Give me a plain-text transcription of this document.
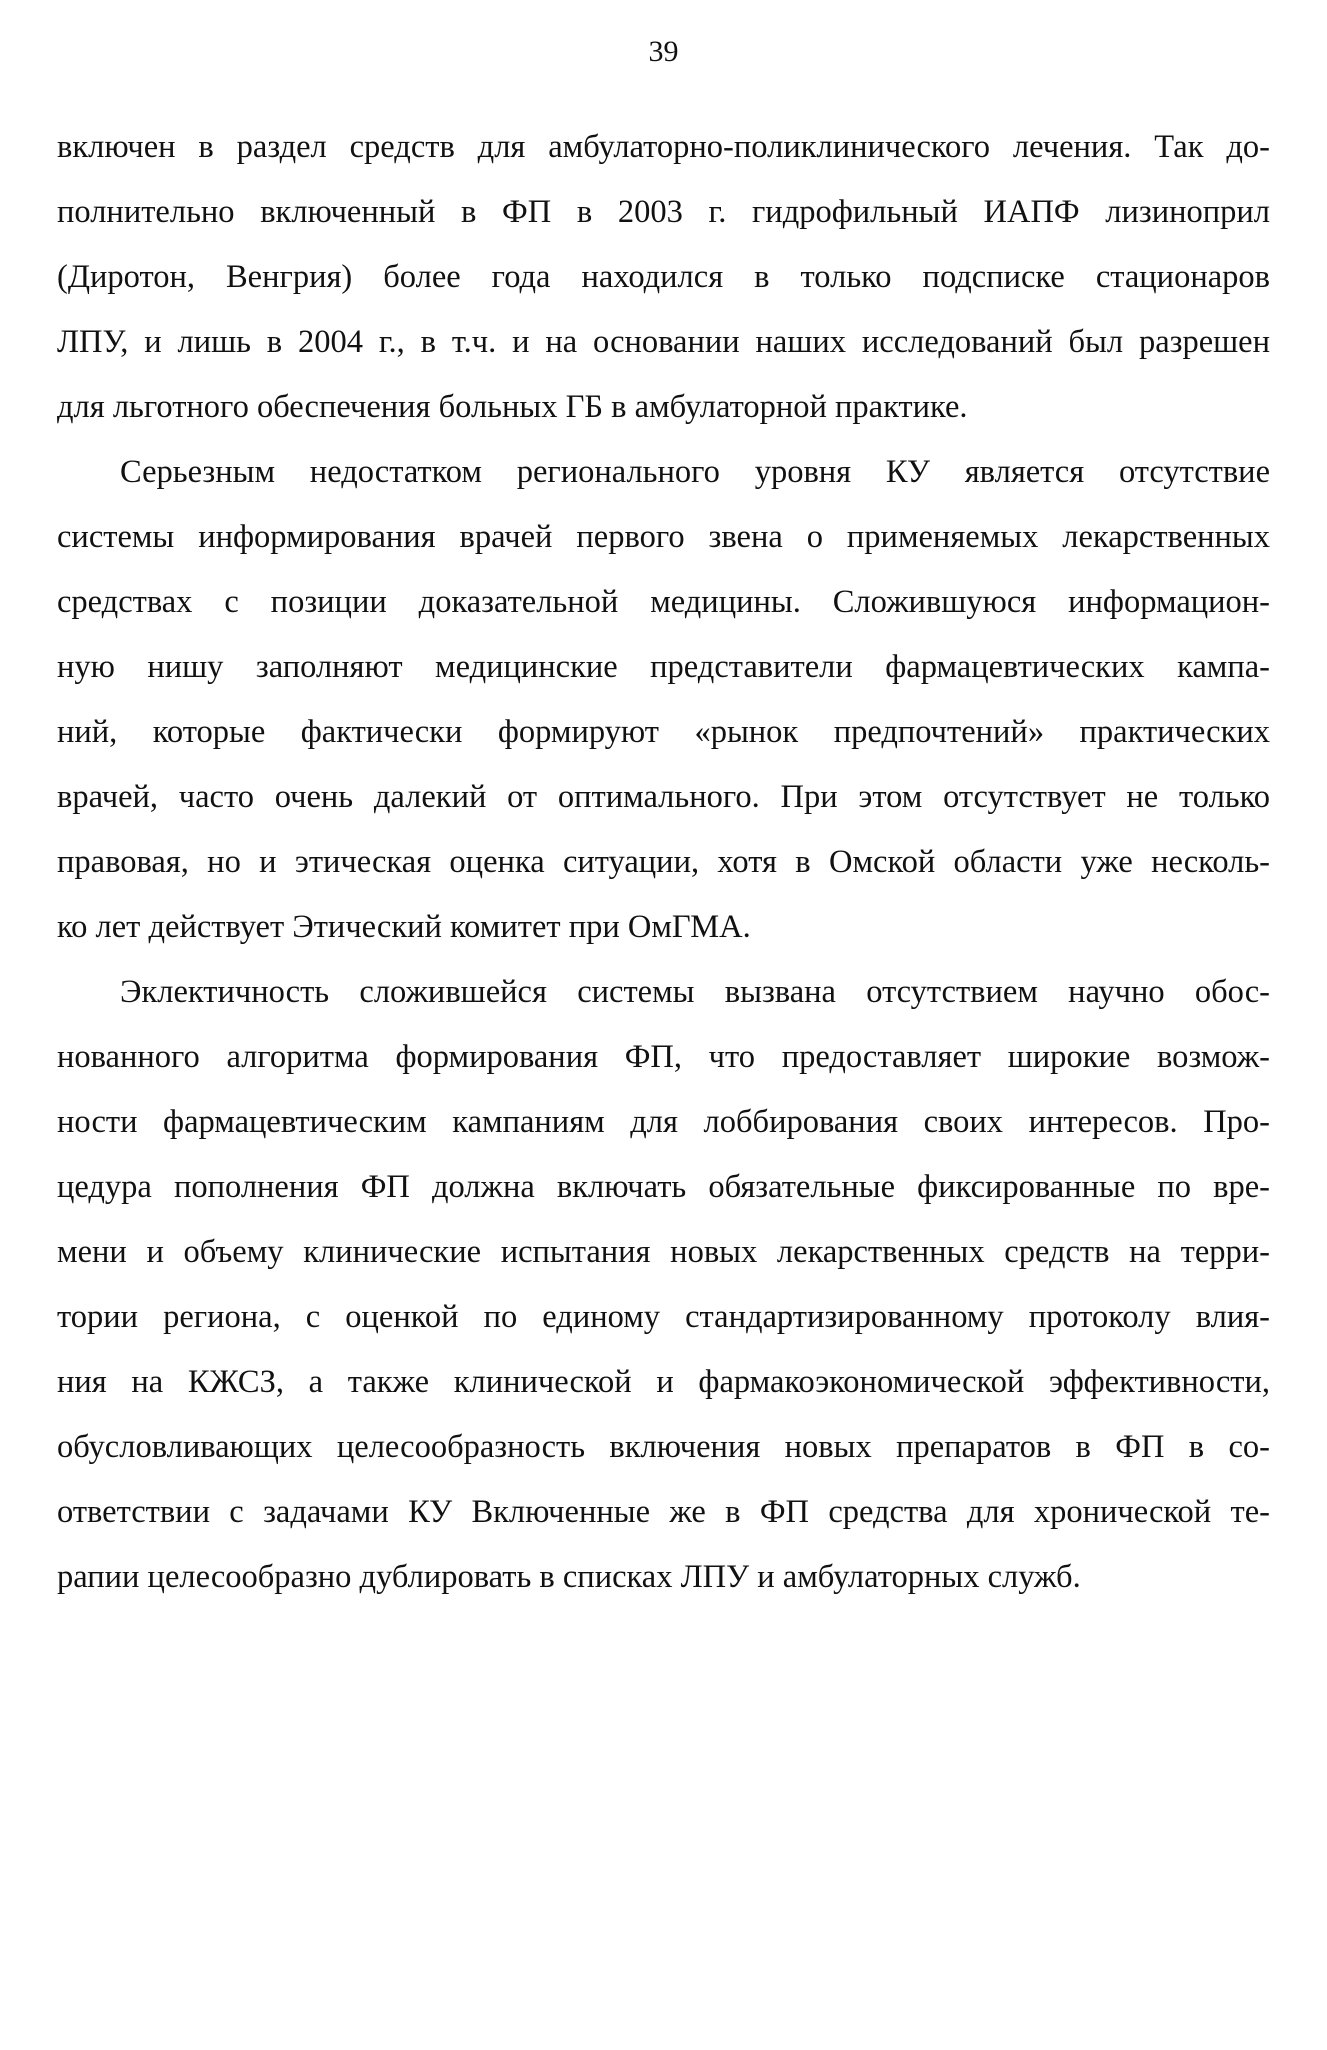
39
включен в раздел средств для амбулаторно-поликлинического лечения. Так до-
полнительно включенный в ФП в 2003 г. гидрофильный ИАПФ лизиноприл
(Диротон, Венгрия) более года находился в только подсписке стационаров
ЛПУ, и лишь в 2004 г., в т.ч. и на основании наших исследований был разрешен
для льготного обеспечения больных ГБ в амбулаторной практике.
Серьезным недостатком регионального уровня КУ является отсутствие
системы информирования врачей первого звена о применяемых лекарственных
средствах с позиции доказательной медицины. Сложившуюся информацион-
ную нишу заполняют медицинские представители фармацевтических кампа-
ний, которые фактически формируют «рынок предпочтений» практических
врачей, часто очень далекий от оптимального. При этом отсутствует не только
правовая, но и этическая оценка ситуации, хотя в Омской области уже несколь-
ко лет действует Этический комитет при ОмГМА.
Эклектичность сложившейся системы вызвана отсутствием научно обос-
нованного алгоритма формирования ФП, что предоставляет широкие возмож-
ности фармацевтическим кампаниям для лоббирования своих интересов. Про-
цедура пополнения ФП должна включать обязательные фиксированные по вре-
мени и объему клинические испытания новых лекарственных средств на терри-
тории региона, с оценкой по единому стандартизированному протоколу влия-
ния на КЖСЗ, а также клинической и фармакоэкономической эффективности,
обусловливающих целесообразность включения новых препаратов в ФП в со-
ответствии с задачами КУ Включенные же в ФП средства для хронической те-
рапии целесообразно дублировать в списках ЛПУ и амбулаторных служб.
